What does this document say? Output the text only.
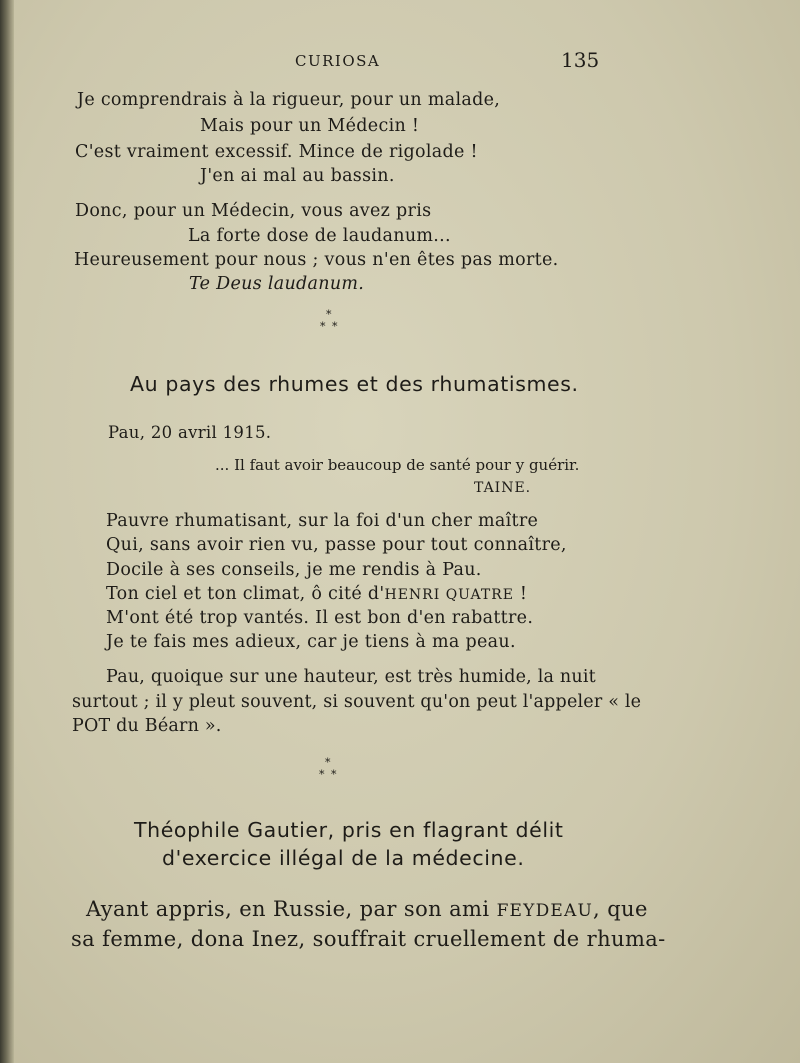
CURIOSA	135
Je comprendrais à la rigueur, pour un malade,
Mais pour un Médecin !
C'est vraiment excessif. Mince de rigolade !
J'en ai mal au bassin.
Donc, pour un Médecin, vous avez pris
La forte dose de laudanum...
Heureusement pour nous ; vous n'en êtes pas morte.
Te Deus laudanum.
*
* *
Au pays des rhumes et des rhumatismes.
Pau, 20 avril 1915.
... Il faut avoir beaucoup de santé pour y guérir.
TAINE.
Pauvre rhumatisant, sur la foi d'un cher maître
Qui, sans avoir rien vu, passe pour tout connaître,
Docile à ses conseils, je me rendis à Pau.
Ton ciel et ton climat, ô cité d'HENRI QUATRE !
M'ont été trop vantés. Il est bon d'en rabattre.
Je te fais mes adieux, car je tiens à ma peau.
Pau, quoique sur une hauteur, est très humide, la nuit
surtout ; il y pleut souvent, si souvent qu'on peut l'appeler « le
POT du Béarn ».
*
* *
Théophile Gautier, pris en flagrant délit
d'exercice illégal de la médecine.
Ayant appris, en Russie, par son ami FEYDEAU, que
sa femme, dona Inez, souffrait cruellement de rhuma-
